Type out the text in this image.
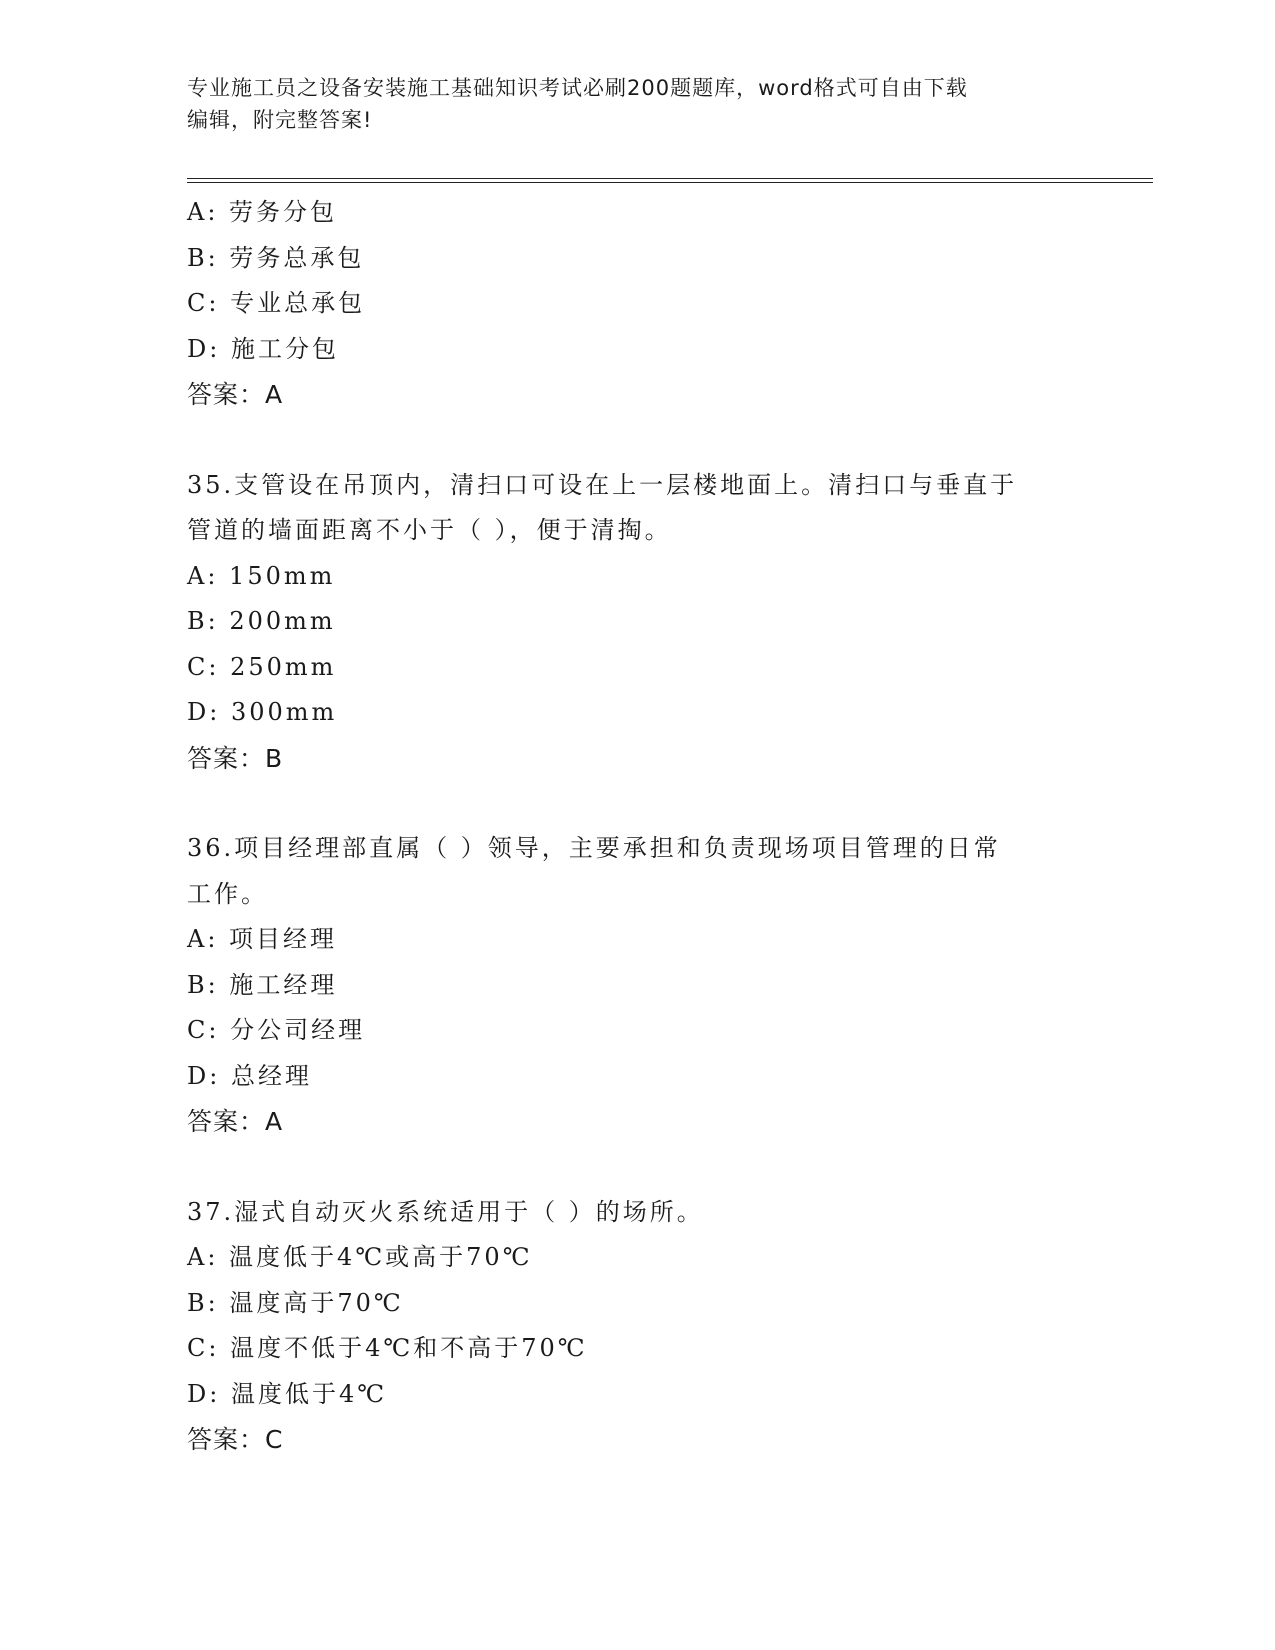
专业施工员之设备安装施工基础知识考试必刷200题题库，word格式可自由下载
编辑，附完整答案!
A: 劳务分包
B: 劳务总承包
C: 专业总承包
D: 施工分包
答案：A
35.支管设在吊顶内，清扫口可设在上一层楼地面上。清扫口与垂直于
管道的墙面距离不小于（ ），便于清掏。
A: 150mm
B: 200mm
C: 250mm
D: 300mm
答案：B
36.项目经理部直属（ ）领导，主要承担和负责现场项目管理的日常
工作。
A: 项目经理
B: 施工经理
C: 分公司经理
D: 总经理
答案：A
37.湿式自动灭火系统适用于（ ）的场所。
A: 温度低于4℃或高于70℃
B: 温度高于70℃
C: 温度不低于4℃和不高于70℃
D: 温度低于4℃
答案：C
